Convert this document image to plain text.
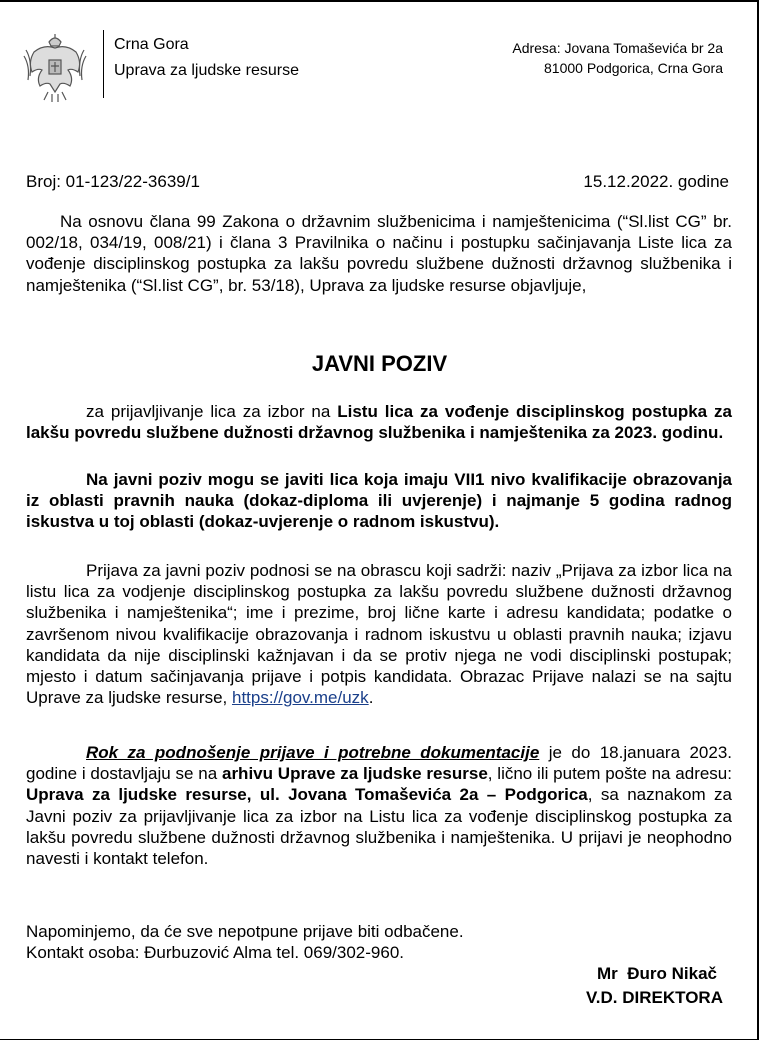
Crna Gora
Uprava za ljudske resurse
Adresa: Jovana Tomaševića br 2a
81000 Podgorica, Crna Gora
Broj: 01-123/22-3639/1	15.12.2022. godine
Na osnovu člana 99 Zakona o državnim službenicima i namještenicima (“Sl.list CG” br. 002/18, 034/19, 008/21) i člana 3 Pravilnika o načinu i postupku sačinjavanja Liste lica za vođenje disciplinskog postupka za lakšu povredu službene dužnosti državnog službenika i namještenika (“Sl.list CG”, br. 53/18), Uprava za ljudske resurse objavljuje,
JAVNI POZIV
za prijavljivanje lica za izbor na Listu lica za vođenje disciplinskog postupka za lakšu povredu službene dužnosti državnog službenika i namještenika za 2023. godinu.
Na javni poziv mogu se javiti lica koja imaju VII1 nivo kvalifikacije obrazovanja iz oblasti pravnih nauka (dokaz-diploma ili uvjerenje) i najmanje 5 godina radnog iskustva u toj oblasti (dokaz-uvjerenje o radnom iskustvu).
Prijava za javni poziv podnosi se na obrascu koji sadrži: naziv „Prijava za izbor lica na listu lica za vodjenje disciplinskog postupka za lakšu povredu službene dužnosti državnog službenika i namještenika“; ime i prezime, broj lične karte i adresu kandidata; podatke o završenom nivou kvalifikacije obrazovanja i radnom iskustvu u oblasti pravnih nauka; izjavu kandidata da nije disciplinski kažnjavan i da se protiv njega ne vodi disciplinski postupak; mjesto i datum sačinjavanja prijave i potpis kandidata. Obrazac Prijave nalazi se na sajtu Uprave za ljudske resurse, https://gov.me/uzk.
Rok za podnošenje prijave i potrebne dokumentacije je do 18.januara 2023. godine i dostavljaju se na arhivu Uprave za ljudske resurse, lično ili putem pošte na adresu: Uprava za ljudske resurse, ul. Jovana Tomaševića 2a – Podgorica, sa naznakom za Javni poziv za prijavljivanje lica za izbor na Listu lica za vođenje disciplinskog postupka za lakšu povredu službene dužnosti državnog službenika i namještenika. U prijavi je neophodno navesti i kontakt telefon.
Napominjemo, da će sve nepotpune prijave biti odbačene.
Kontakt osoba: Đurbuzović Alma tel. 069/302-960.
Mr  Đuro Nikač
V.D. DIREKTORA
